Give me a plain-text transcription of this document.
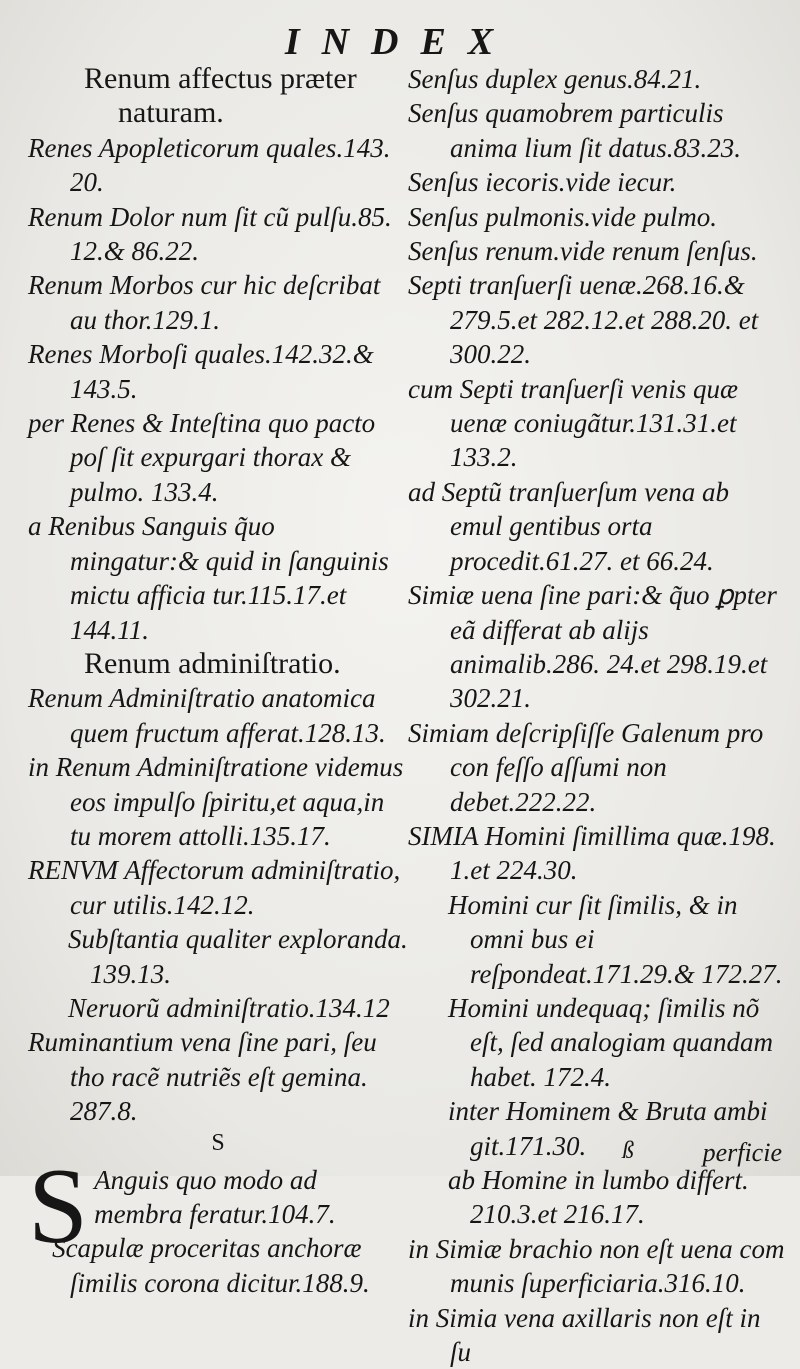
INDEX
Renum affectus præter naturam.
Renes Apopleticorum quales.143. 20.
Renum Dolor num ſit cũ pulſu.85. 12.& 86.22.
Renum Morbos cur hic deſcribat au thor.129.1.
Renes Morboſi quales.142.32.& 143.5.
per Renes & Inteſtina quo pacto poſ ſit expurgari thorax & pulmo. 133.4.
a Renibus Sanguis q̃uo mingatur:& quid in ſanguinis mictu afficia tur.115.17.et 144.11.
Renum adminiſtratio.
Renum Adminiſtratio anatomica quem fructum afferat.128.13.
in Renum Adminiſtratione videmus eos impulſo ſpiritu,et aqua,in tu morem attolli.135.17.
RENVM Affectorum adminiſtratio, cur utilis.142.12.
Subſtantia qualiter exploranda. 139.13.
Neruorũ adminiſtratio.134.12
Ruminantium vena ſine pari, ſeu tho racẽ nutriẽs eſt gemina. 287.8.
S
S Anguis quo modo ad membra feratur.104.7.
Scapulæ proceritas anchoræ ſimilis corona dicitur.188.9.
Senſus duplex genus.84.21.
Senſus quamobrem particulis anima lium ſit datus.83.23.
Senſus iecoris.vide iecur.
Senſus pulmonis.vide pulmo.
Senſus renum.vide renum ſenſus.
Septi tranſuerſi uenæ.268.16.& 279.5.et 282.12.et 288.20. et 300.22.
cum Septi tranſuerſi venis quæ uenæ coniugãtur.131.31.et 133.2.
ad Septũ tranſuerſum vena ab emul gentibus orta procedit.61.27. et 66.24.
Simiæ uena ſine pari:& q̃uo ꝑpter eã differat ab alijs animalib.286. 24.et 298.19.et 302.21.
Simiam deſcripſiſſe Galenum pro con feſſo aſſumi non debet.222.22.
SIMIA Homini ſimillima quæ.198. 1.et 224.30.
Homini cur ſit ſimilis, & in omni bus ei reſpondeat.171.29.& 172.27.
Homini undequaq; ſimilis nõ eſt, ſed analogiam quandam habet. 172.4.
inter Hominem & Bruta ambi git.171.30.
ab Homine in lumbo differt. 210.3.et 216.17.
in Simiæ brachio non eſt uena com munis ſuperficiaria.316.10.
in Simia vena axillaris non eſt in ſu
ß	perficie
